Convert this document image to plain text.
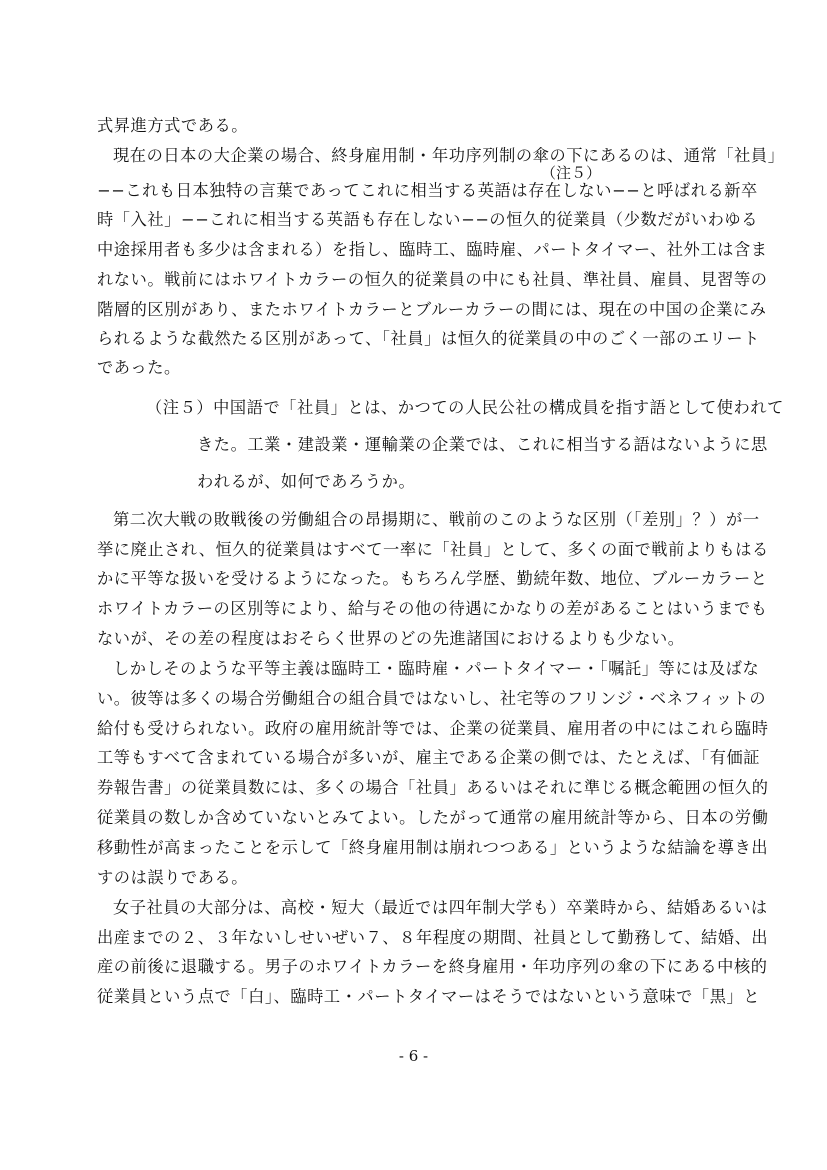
式昇進方式である。
現在の日本の大企業の場合、終身雇用制・年功序列制の傘の下にあるのは、通常「社員」
（注５）
−−これも日本独特の言葉であってこれに相当する英語は存在しない−−と呼ばれる新卒
時「入社」−−これに相当する英語も存在しない−−の恒久的従業員（少数だがいわゆる
中途採用者も多少は含まれる）を指し、臨時工、臨時雇、パートタイマー、社外工は含ま
れない。戦前にはホワイトカラーの恒久的従業員の中にも社員、準社員、雇員、見習等の
階層的区別があり、またホワイトカラーとブルーカラーの間には、現在の中国の企業にみ
られるような截然たる区別があって、「社員」は恒久的従業員の中のごく一部のエリート
であった。
（注５）中国語で「社員」とは、かつての人民公社の構成員を指す語として使われて
きた。工業・建設業・運輸業の企業では、これに相当する語はないように思
われるが、如何であろうか。
第二次大戦の敗戦後の労働組合の昂揚期に、戦前のこのような区別（「差別」？）が一
挙に廃止され、恒久的従業員はすべて一率に「社員」として、多くの面で戦前よりもはる
かに平等な扱いを受けるようになった。もちろん学歴、勤続年数、地位、ブルーカラーと
ホワイトカラーの区別等により、給与その他の待遇にかなりの差があることはいうまでも
ないが、その差の程度はおそらく世界のどの先進諸国におけるよりも少ない。
しかしそのような平等主義は臨時工・臨時雇・パートタイマー・「嘱託」等には及ばな
い。彼等は多くの場合労働組合の組合員ではないし、社宅等のフリンジ・ベネフィットの
給付も受けられない。政府の雇用統計等では、企業の従業員、雇用者の中にはこれら臨時
工等もすべて含まれている場合が多いが、雇主である企業の側では、たとえば、「有価証
券報告書」の従業員数には、多くの場合「社員」あるいはそれに準じる概念範囲の恒久的
従業員の数しか含めていないとみてよい。したがって通常の雇用統計等から、日本の労働
移動性が高まったことを示して「終身雇用制は崩れつつある」というような結論を導き出
すのは誤りである。
女子社員の大部分は、高校・短大（最近では四年制大学も）卒業時から、結婚あるいは
出産までの２、３年ないしせいぜい７、８年程度の期間、社員として勤務して、結婚、出
産の前後に退職する。男子のホワイトカラーを終身雇用・年功序列の傘の下にある中核的
従業員という点で「白」、臨時工・パートタイマーはそうではないという意味で「黒」と
- 6 -
